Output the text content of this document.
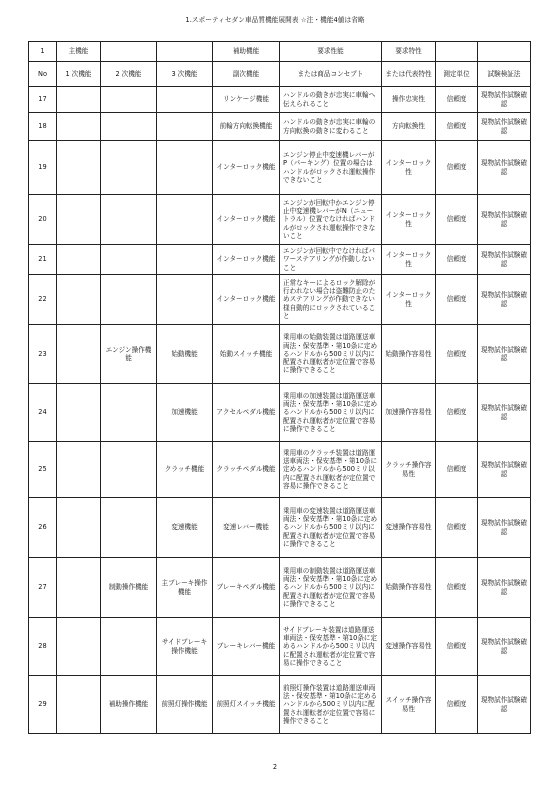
1.スポーティセダン車品質機能展開表 ☆注・機能4値は省略
1	主機能			補助機能	要求性能	要求特性		
No	1 次機能	2 次機能	3 次機能	副次機能	または商品コンセプト	または代表特性	測定単位	試験検証法
17				リンケージ機能	ハンドルの動きが忠実に車輪へ伝えられること	操作忠実性	信頼度	現物試作試験確認
18				前輪方向転換機能	ハンドルの動きが忠実に車輪の方向転換の動きに変わること	方向転換性	信頼度	現物試作試験確認
19				インターロック機能	エンジン停止中変速機レバーがP（パーキング）位置の場合はハンドルがロックされ運転操作できないこと	インターロック性	信頼度	現物試作試験確認
20				インターロック機能	エンジンが回転中かエンジン停止中変速機レバーがN（ニュートラル）位置でなければハンドルがロックされ運転操作できないこと	インターロック性	信頼度	現物試作試験確認
21				インターロック機能	エンジンが回転中でなければパワーステアリングが作動しないこと	インターロック性	信頼度	現物試作試験確認
22				インターロック機能	正常なキーによるロック解除が行われない場合は盗難防止のためステアリングが作動できない様自動的にロックされていること	インターロック性	信頼度	現物試作試験確認
23		エンジン操作機能	始動機能	始動スイッチ機能	乗用車の始動装置は道路運送車両法・保安基準・第10条に定めるハンドルから500ミリ以内に配置され運転者が定位置で容易に操作できること	始動操作容易性	信頼度	現物試作試験確認
24			加速機能	アクセルペダル機能	乗用車の加速装置は道路運送車両法・保安基準・第10条に定めるハンドルから500ミリ以内に配置され運転者が定位置で容易に操作できること	加速操作容易性	信頼度	現物試作試験確認
25			クラッチ機能	クラッチペダル機能	乗用車のクラッチ装置は道路運送車両法・保安基準・第10条に定めるハンドルから500ミリ以内に配置され運転者が定位置で容易に操作できること	クラッチ操作容易性	信頼度	現物試作試験確認
26			変速機能	変速レバー機能	乗用車の変速装置は道路運送車両法・保安基準・第10条に定めるハンドルから500ミリ以内に配置され運転者が定位置で容易に操作できること	変速操作容易性	信頼度	現物試作試験確認
27		制動操作機能	主ブレーキ操作機能	ブレーキペダル機能	乗用車の制動装置は道路運送車両法・保安基準・第10条に定めるハンドルから500ミリ以内に配置され運転者が定位置で容易に操作できること	始動操作容易性	信頼度	現物試作試験確認
28			サイドブレーキ操作機能	ブレーキレバー機能	サイドブレーキ装置は道路運送車両法・保安基準・第10条に定めるハンドルから500ミリ以内に配置され運転者が定位置で容易に操作できること	変速操作容易性	信頼度	現物試作試験確認
29		補助操作機能	前照灯操作機能	前照灯スイッチ機能	前照灯操作装置は道路運送車両法・保安基準・第10条に定めるハンドルから500ミリ以内に配置され運転者が定位置で容易に操作できること	スイッチ操作容易性	信頼度	現物試作試験確認
2
